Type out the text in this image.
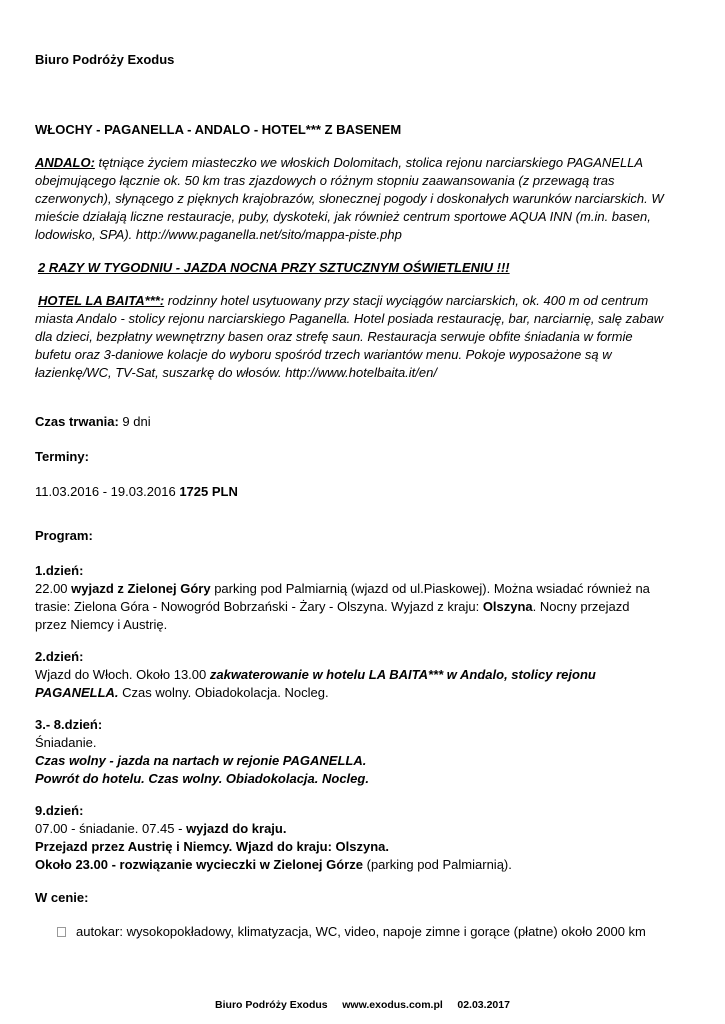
Biuro Podróży Exodus
WŁOCHY - PAGANELLA - ANDALO - HOTEL*** Z BASENEM
ANDALO: tętniące życiem miasteczko we włoskich Dolomitach, stolica rejonu narciarskiego PAGANELLA
obejmującego łącznie ok. 50 km tras zjazdowych o różnym stopniu zaawansowania (z przewagą tras
czerwonych), słynącego z pięknych krajobrazów, słonecznej pogody i doskonałych warunków narciarskich. W
mieście działają liczne restauracje, puby, dyskoteki, jak również centrum sportowe AQUA INN (m.in. basen,
lodowisko, SPA). http://www.paganella.net/sito/mappa-piste.php
2 RAZY W TYGODNIU - JAZDA NOCNA PRZY SZTUCZNYM OŚWIETLENIU !!!
HOTEL LA BAITA***: rodzinny hotel usytuowany przy stacji wyciągów narciarskich, ok. 400 m od centrum
miasta Andalo - stolicy rejonu narciarskiego Paganella. Hotel posiada restaurację, bar, narciarnię, salę zabaw
dla dzieci, bezpłatny wewnętrzny basen oraz strefę saun. Restauracja serwuje obfite śniadania w formie
bufetu oraz 3-daniowe kolacje do wyboru spośród trzech wariantów menu. Pokoje wyposażone są w
łazienkę/WC, TV-Sat, suszarkę do włosów. http://www.hotelbaita.it/en/
Czas trwania: 9 dni
Terminy:
11.03.2016 - 19.03.2016 1725 PLN
Program:
1.dzień:
22.00 wyjazd z Zielonej Góry parking pod Palmiarnią (wjazd od ul.Piaskowej). Można wsiadać również na
trasie: Zielona Góra - Nowogród Bobrzański - Żary - Olszyna. Wyjazd z kraju: Olszyna. Nocny przejazd
przez Niemcy i Austrię.
2.dzień:
Wjazd do Włoch. Około 13.00 zakwaterowanie w hotelu LA BAITA*** w Andalo, stolicy rejonu
PAGANELLA. Czas wolny. Obiadokolacja. Nocleg.
3.- 8.dzień:
Śniadanie.
Czas wolny - jazda na nartach w rejonie PAGANELLA.
Powrót do hotelu. Czas wolny. Obiadokolacja. Nocleg.
9.dzień:
07.00 - śniadanie. 07.45 - wyjazd do kraju.
Przejazd przez Austrię i Niemcy. Wjazd do kraju: Olszyna.
Około 23.00 - rozwiązanie wycieczki w Zielonej Górze (parking pod Palmiarnią).
W cenie:
autokar: wysokopokładowy, klimatyzacja, WC, video, napoje zimne i gorące (płatne) około 2000 km
Biuro Podróży Exodus www.exodus.com.pl 02.03.2017
